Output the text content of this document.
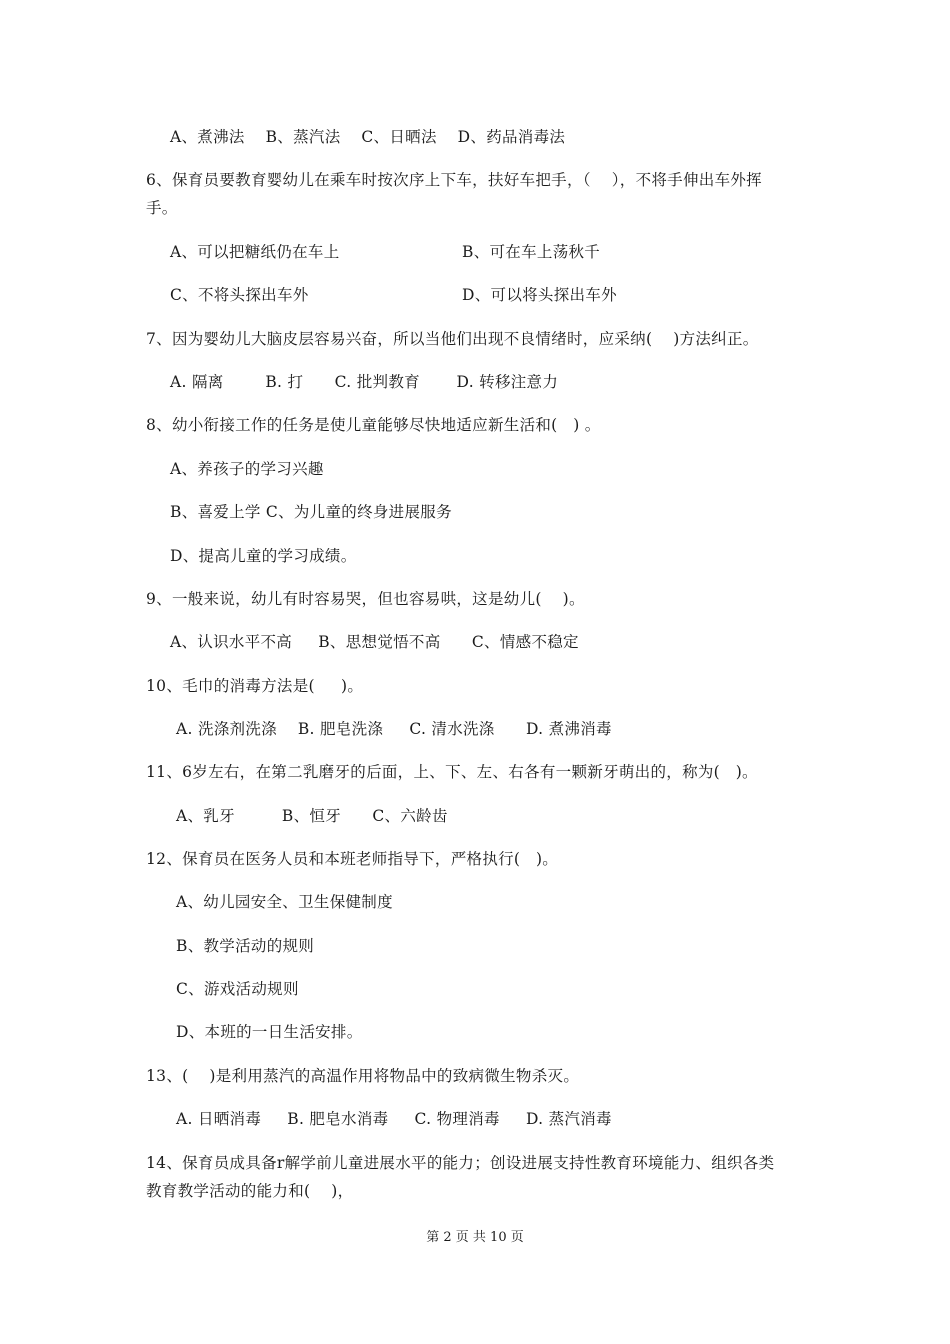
A、煮沸法    B、蒸汽法    C、日晒法    D、药品消毒法
6、保育员要教育婴幼儿在乘车时按次序上下车，扶好车把手，（    ），不将手伸出车外挥
手。
A、可以把糖纸仍在车上	B、可在车上荡秋千
C、不将头探出车外	D、可以将头探出车外
7、因为婴幼儿大脑皮层容易兴奋，所以当他们出现不良情绪时，应采纳(    )方法纠正。
A. 隔离        B. 打      C. 批判教育       D. 转移注意力
8、幼小衔接工作的任务是使儿童能够尽快地适应新生活和(   ) 。
A、养孩子的学习兴趣
B、喜爱上学 C、为儿童的终身进展服务
D、提高儿童的学习成绩。
9、一般来说，幼儿有时容易哭，但也容易哄，这是幼儿(    )。
A、认识水平不高     B、思想觉悟不高      C、情感不稳定
10、毛巾的消毒方法是(     )。
A. 洗涤剂洗涤    B. 肥皂洗涤     C. 清水洗涤      D. 煮沸消毒
11、6岁左右，在第二乳磨牙的后面，上、下、左、右各有一颗新牙萌出的，称为(   )。
A、乳牙         B、恒牙      C、六龄齿
12、保育员在医务人员和本班老师指导下，严格执行(   )。
A、幼儿园安全、卫生保健制度
B、教学活动的规则
C、游戏活动规则
D、本班的一日生活安排。
13、(    )是利用蒸汽的高温作用将物品中的致病微生物杀灭。
A. 日晒消毒     B. 肥皂水消毒     C. 物理消毒     D. 蒸汽消毒
14、保育员成具备r解学前儿童进展水平的能力；创设进展支持性教育环境能力、组织各类
教育教学活动的能力和(    )，
第 2 页 共 10 页
